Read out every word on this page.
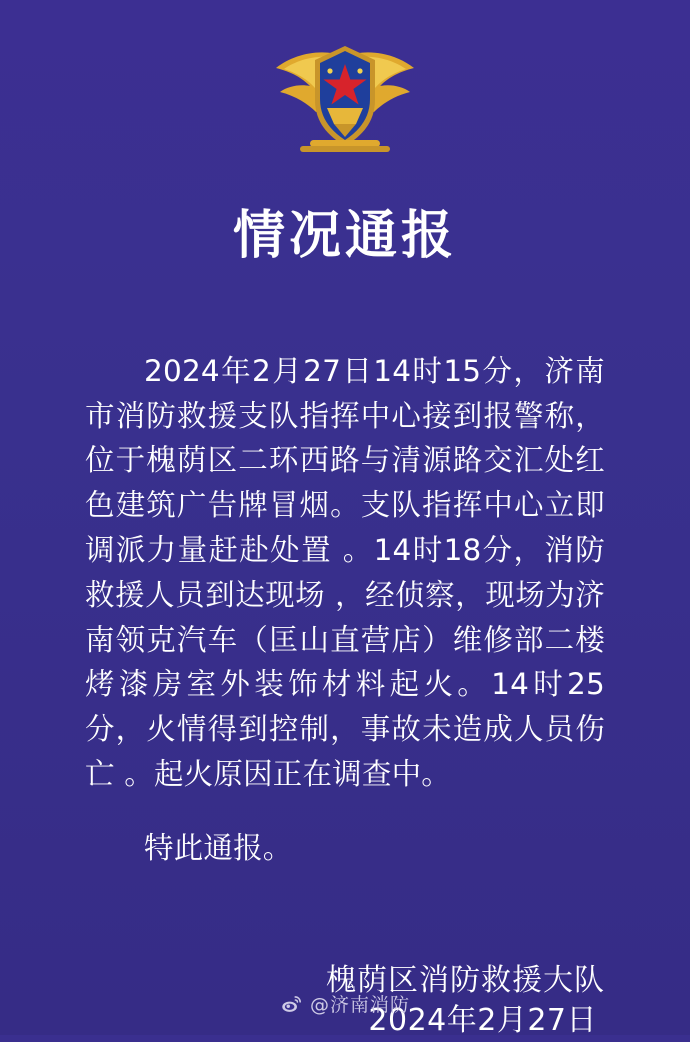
情况通报

2024年2月27日14时15分，济南市消防救援支队指挥中心接到报警称，位于槐荫区二环西路与清源路交汇处红色建筑广告牌冒烟。支队指挥中心立即调派力量赶赴处置 。14时18分，消防救援人员到达现场 ，经侦察，现场为济南领克汽车（匡山直营店）维修部二楼烤漆房室外装饰材料起火。14时25分，火情得到控制，事故未造成人员伤亡 。起火原因正在调查中。

特此通报。

槐荫区消防救援大队
2024年2月27日
@济南消防
